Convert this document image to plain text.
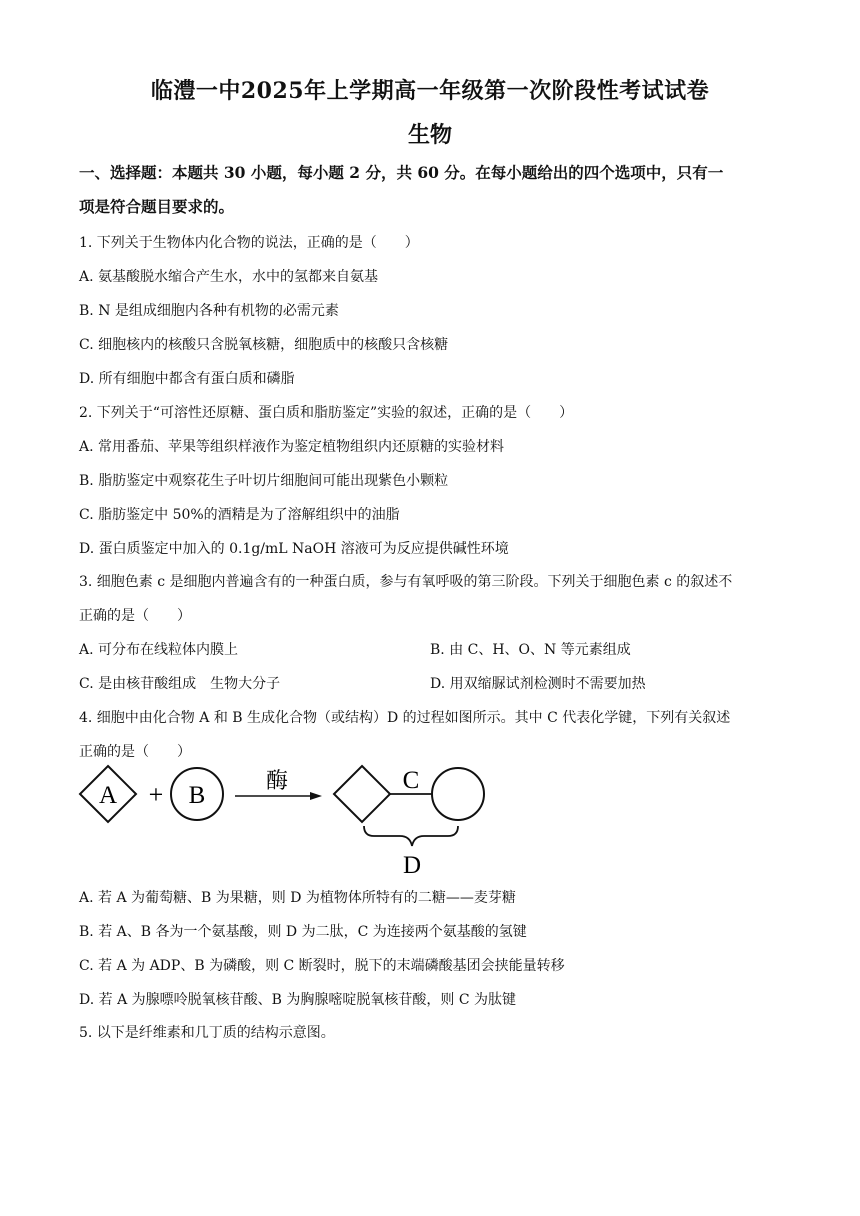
临澧一中2025年上学期高一年级第一次阶段性考试试卷
生物
一、选择题：本题共 30 小题，每小题 2 分，共 60 分。在每小题给出的四个选项中，只有一
项是符合题目要求的。
1. 下列关于生物体内化合物的说法，正确的是（　　）
A. 氨基酸脱水缩合产生水，水中的氢都来自氨基
B. N 是组成细胞内各种有机物的必需元素
C. 细胞核内的核酸只含脱氧核糖，细胞质中的核酸只含核糖
D. 所有细胞中都含有蛋白质和磷脂
2. 下列关于“可溶性还原糖、蛋白质和脂肪鉴定”实验的叙述，正确的是（　　）
A. 常用番茄、苹果等组织样液作为鉴定植物组织内还原糖的实验材料
B. 脂肪鉴定中观察花生子叶切片细胞间可能出现紫色小颗粒
C. 脂肪鉴定中 50%的酒精是为了溶解组织中的油脂
D. 蛋白质鉴定中加入的 0.1g/mL NaOH 溶液可为反应提供碱性环境
3. 细胞色素 c 是细胞内普遍含有的一种蛋白质，参与有氧呼吸的第三阶段。下列关于细胞色素 c 的叙述不
正确的是（　　）
A. 可分布在线粒体内膜上	B. 由 C、H、O、N 等元素组成
C. 是由核苷酸组成　生物大分子	D. 用双缩脲试剂检测时不需要加热
4. 细胞中由化合物 A 和 B 生成化合物（或结构）D 的过程如图所示。其中 C 代表化学键，下列有关叙述
正确的是（　　）
A + B
酶	C
D
A. 若 A 为葡萄糖、B 为果糖，则 D 为植物体所特有的二糖——麦芽糖
B. 若 A、B 各为一个氨基酸，则 D 为二肽，C 为连接两个氨基酸的氢键
C. 若 A 为 ADP、B 为磷酸，则 C 断裂时，脱下的末端磷酸基团会挟能量转移
D. 若 A 为腺嘌呤脱氧核苷酸、B 为胸腺嘧啶脱氧核苷酸，则 C 为肽键
5. 以下是纤维素和几丁质的结构示意图。
